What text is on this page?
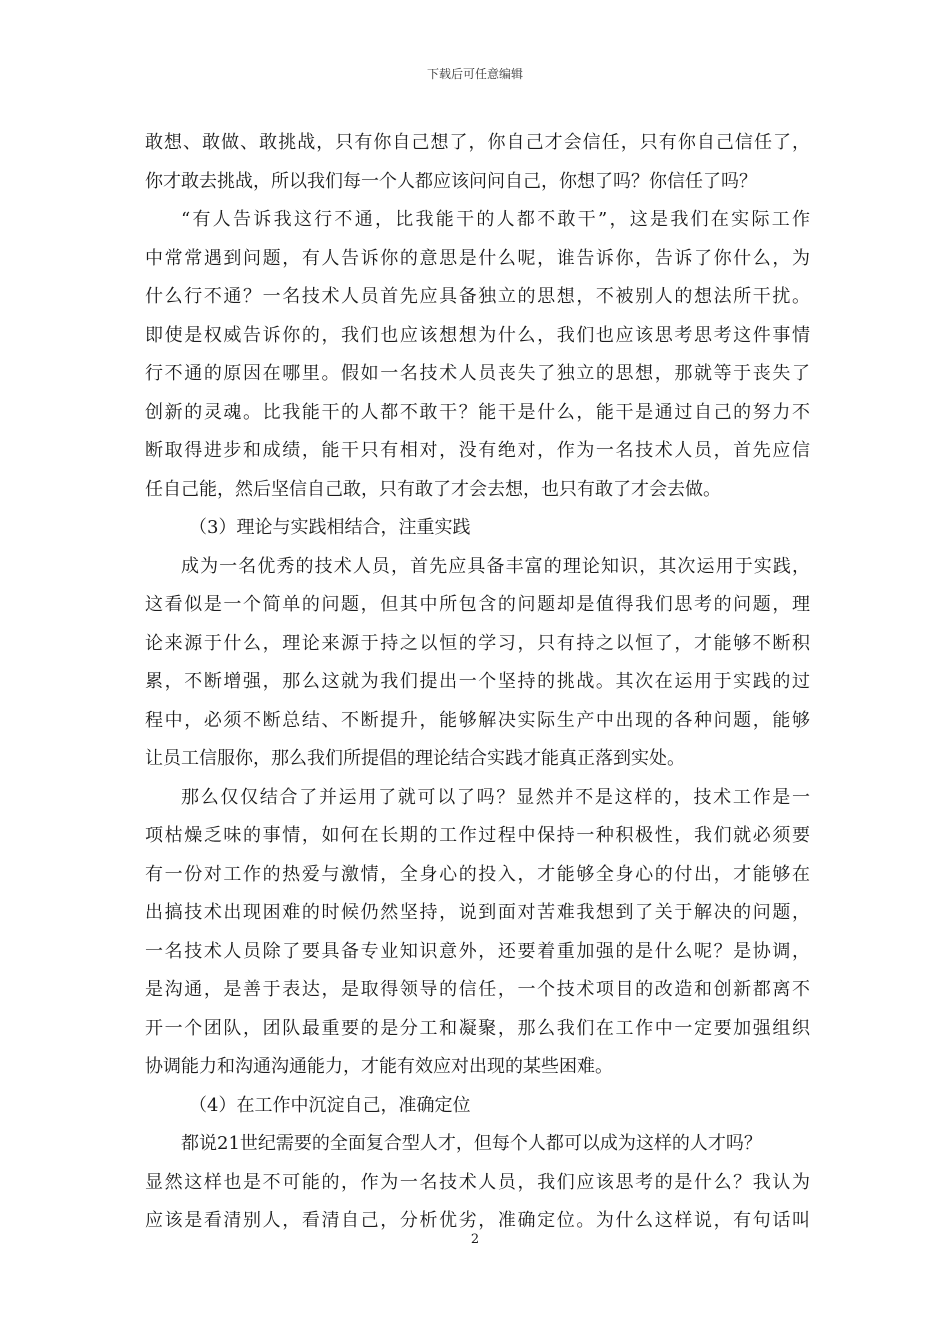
下载后可任意编辑
敢想、敢做、敢挑战，只有你自己想了，你自己才会信任，只有你自己信任了，
你才敢去挑战，所以我们每一个人都应该问问自己，你想了吗？你信任了吗？
“有人告诉我这行不通，比我能干的人都不敢干”，这是我们在实际工作
中常常遇到问题，有人告诉你的意思是什么呢，谁告诉你，告诉了你什么，为
什么行不通？一名技术人员首先应具备独立的思想，不被别人的想法所干扰。
即使是权威告诉你的，我们也应该想想为什么，我们也应该思考思考这件事情
行不通的原因在哪里。假如一名技术人员丧失了独立的思想，那就等于丧失了
创新的灵魂。比我能干的人都不敢干？能干是什么，能干是通过自己的努力不
断取得进步和成绩，能干只有相对，没有绝对，作为一名技术人员，首先应信
任自己能，然后坚信自己敢，只有敢了才会去想，也只有敢了才会去做。
（3）理论与实践相结合，注重实践
成为一名优秀的技术人员，首先应具备丰富的理论知识，其次运用于实践，
这看似是一个简单的问题，但其中所包含的问题却是值得我们思考的问题，理
论来源于什么，理论来源于持之以恒的学习，只有持之以恒了，才能够不断积
累，不断增强，那么这就为我们提出一个坚持的挑战。其次在运用于实践的过
程中，必须不断总结、不断提升，能够解决实际生产中出现的各种问题，能够
让员工信服你，那么我们所提倡的理论结合实践才能真正落到实处。
那么仅仅结合了并运用了就可以了吗？显然并不是这样的，技术工作是一
项枯燥乏味的事情，如何在长期的工作过程中保持一种积极性，我们就必须要
有一份对工作的热爱与激情，全身心的投入，才能够全身心的付出，才能够在
出搞技术出现困难的时候仍然坚持，说到面对苦难我想到了关于解决的问题，
一名技术人员除了要具备专业知识意外，还要着重加强的是什么呢？是协调，
是沟通，是善于表达，是取得领导的信任，一个技术项目的改造和创新都离不
开一个团队，团队最重要的是分工和凝聚，那么我们在工作中一定要加强组织
协调能力和沟通沟通能力，才能有效应对出现的某些困难。
（4）在工作中沉淀自己，准确定位
都说21世纪需要的全面复合型人才，但每个人都可以成为这样的人才吗？
显然这样也是不可能的，作为一名技术人员，我们应该思考的是什么？我认为
应该是看清别人，看清自己，分析优劣，准确定位。为什么这样说，有句话叫
2
